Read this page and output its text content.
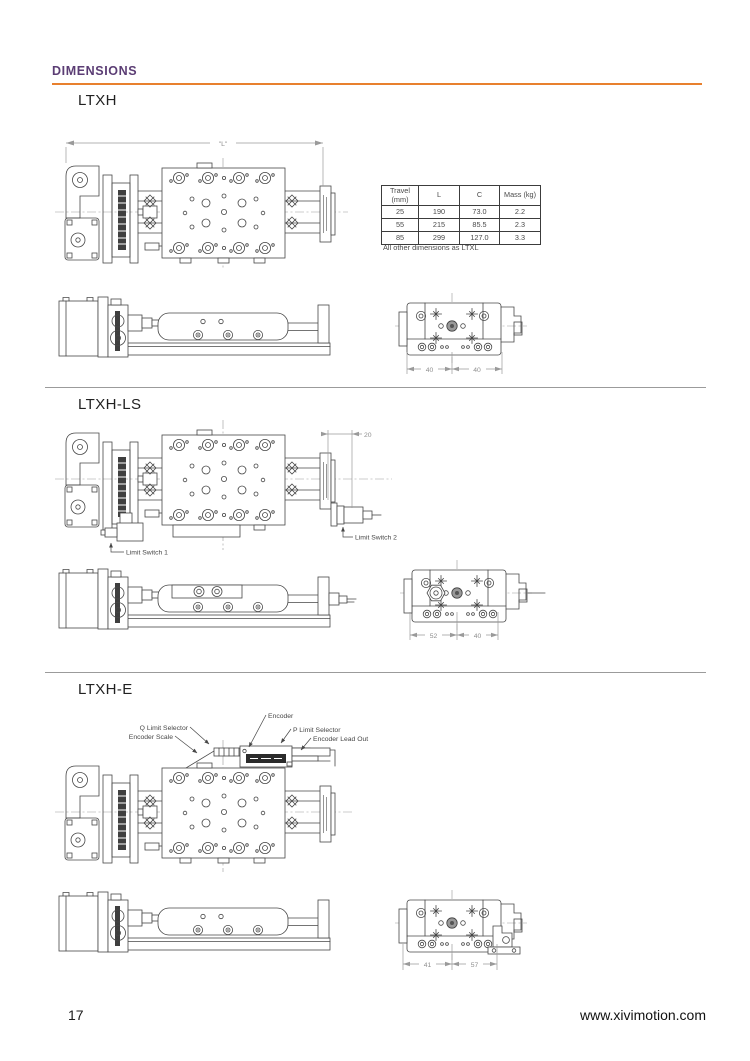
DIMENSIONS
LTXH
LTXH-LS
LTXH-E
"L"
40	40
Travel (mm)	L	C	Mass (kg)
25	190	73.0	2.2
55	215	85.5	2.3
85	299	127.0	3.3
All other dimensions as LTXL
Limit Switch 1
Limit Switch 2
20
52	40
Q Limit Selector
Encoder Scale
Encoder
P Limit Selector
Encoder Lead Out
41	57
17	www.xivimotion.com
